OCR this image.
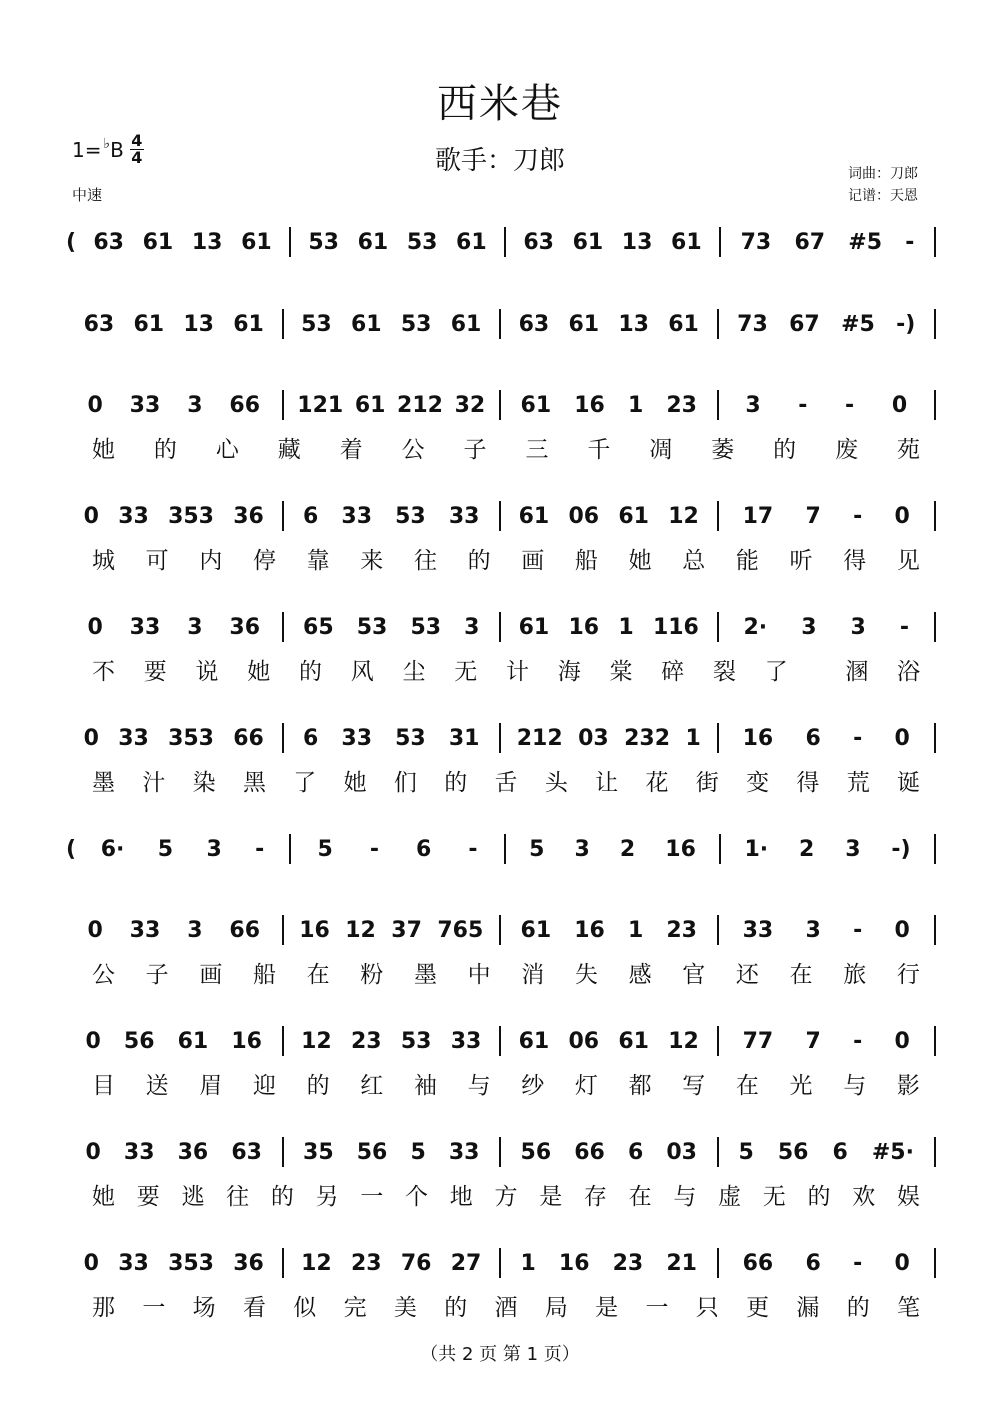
西米巷
歌手：刀郎
1= ♭ B 4
4
中速
词曲：刀郎
记谱：天恩
( 63 61 13 61 53 61 53 61 63 61 13 61 73 67 #5 -
63 61 13 61 53 61 53 61 63 61 13 61 73 67 #5 -)
0 33 3 66 121 61 212 32 61 16 1 23 3 - - 0
她 的 心 藏 着 公 子 三 千 凋 萎 的 废 苑
0 33 353 36 6 33 53 33 61 06 61 12 17 7 - 0
城 可 内 停 靠 来 往 的 画 船 她 总 能 听 得 见
0 33 3 36 65 53 53 3 61 16 1 116 2· 3 3 -
不 要 说 她 的 风 尘 无 计 海 棠 碎 裂 了	溷 浴
0 33 353 66 6 33 53 31 212 03 232 1 16 6 - 0
墨 汁 染 黑 了 她 们 的 舌 头 让 花 街 变 得 荒 诞
( 6· 5 3 - 5 - 6 - 5 3 2 16 1· 2 3 -)
0 33 3 66 16 12 37 765 61 16 1 23 33 3 - 0
公 子 画 船 在 粉 墨 中 消 失 感 官 还 在 旅 行
0 56 61 16 12 23 53 33 61 06 61 12 77 7 - 0
目 送 眉 迎 的 红 袖 与 纱 灯 都 写 在 光 与 影
0 33 36 63 35 56 5 33 56 66 6 03 5 56 6 #5·
她 要 逃 往 的 另 一 个 地 方 是 存 在 与 虚 无 的 欢 娱
0 33 353 36 12 23 76 27 1 16 23 21 66 6 - 0
那 一 场 看 似 完 美 的 酒 局 是 一 只 更 漏 的 笔
（共 2 页 第 1 页）
